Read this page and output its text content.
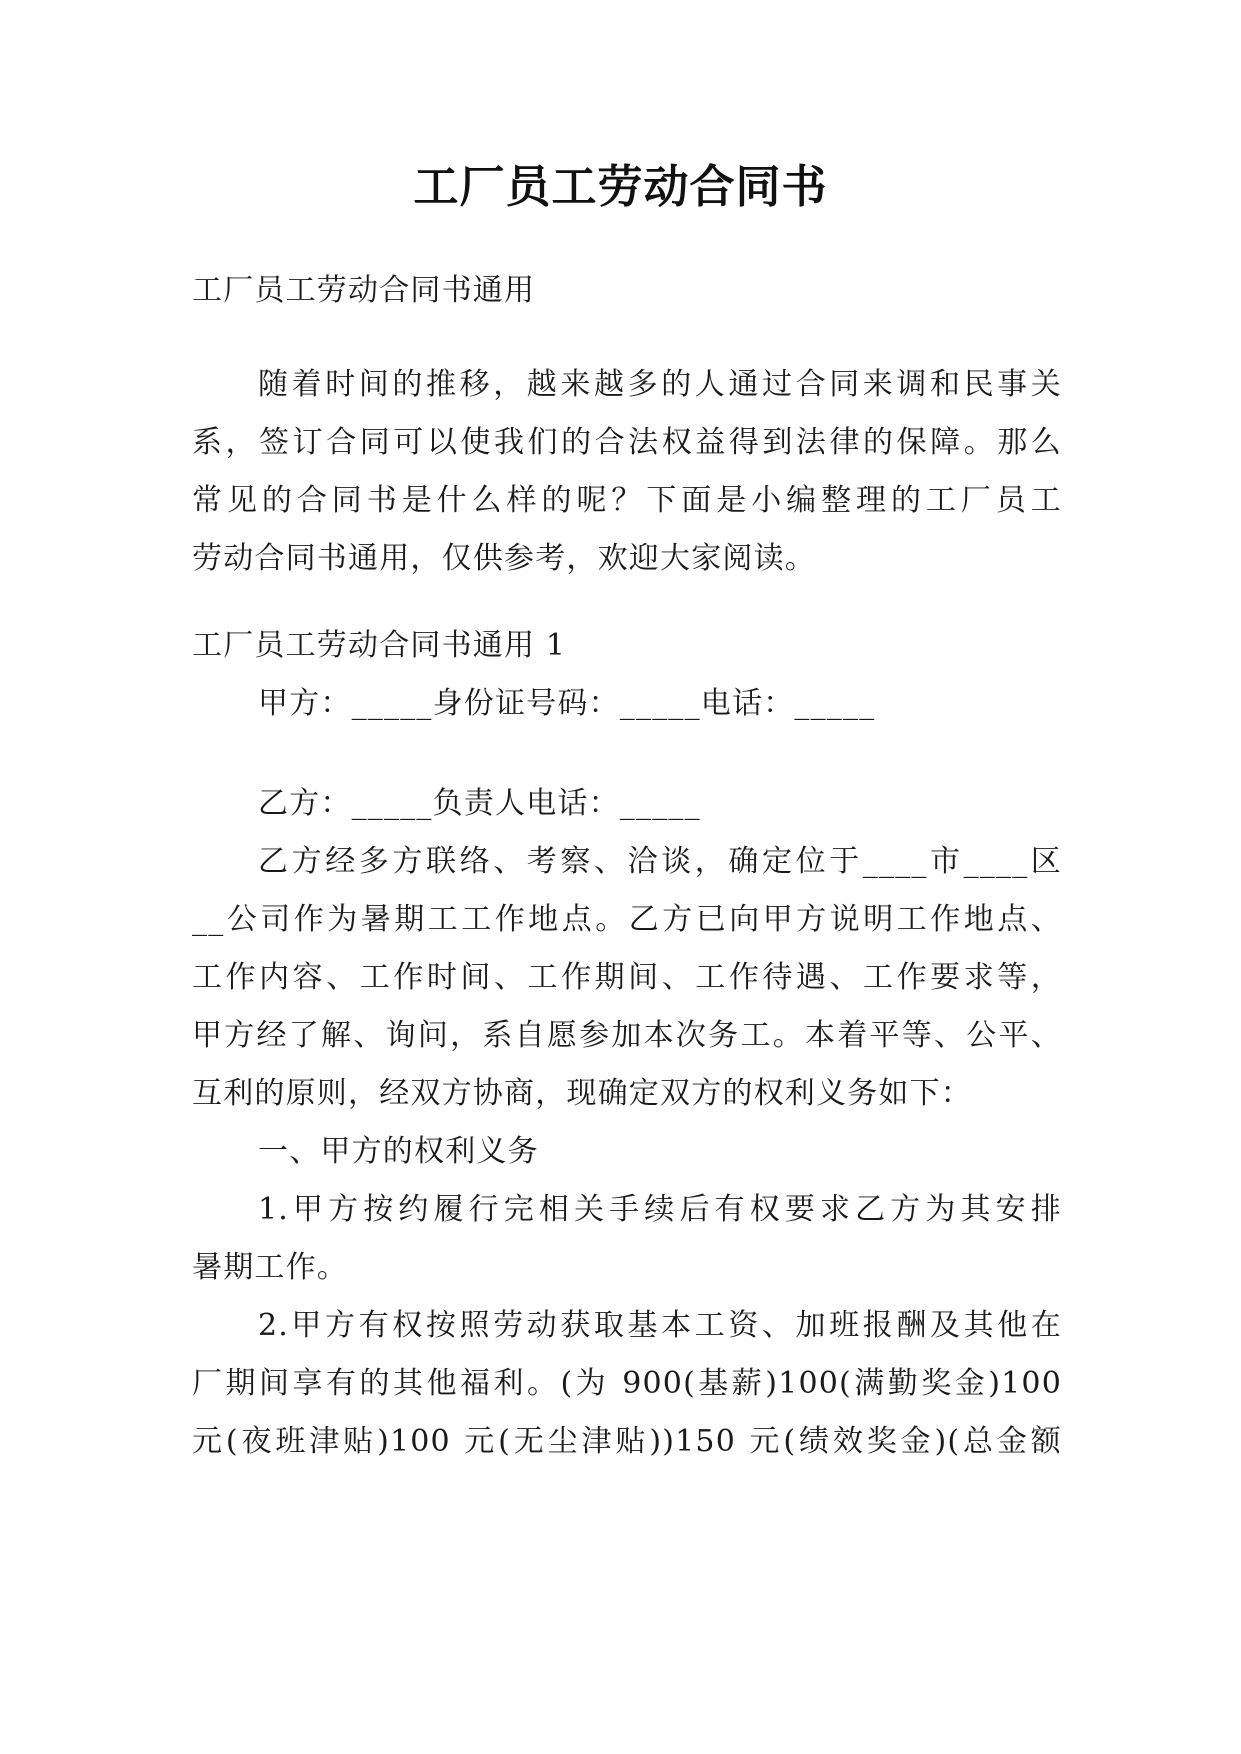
工厂员工劳动合同书
工厂员工劳动合同书通用
随着时间的推移，越来越多的人通过合同来调和民事关
系，签订合同可以使我们的合法权益得到法律的保障。那么
常见的合同书是什么样的呢？下面是小编整理的工厂员工
劳动合同书通用，仅供参考，欢迎大家阅读。
工厂员工劳动合同书通用 1
甲方：_____身份证号码：_____电话：_____
乙方：_____负责人电话：_____
乙方经多方联络、考察、洽谈，确定位于____市____区
__公司作为暑期工工作地点。乙方已向甲方说明工作地点、
工作内容、工作时间、工作期间、工作待遇、工作要求等，
甲方经了解、询问，系自愿参加本次务工。本着平等、公平、
互利的原则，经双方协商，现确定双方的权利义务如下：
一、甲方的权利义务
1.甲方按约履行完相关手续后有权要求乙方为其安排
暑期工作。
2.甲方有权按照劳动获取基本工资、加班报酬及其他在
厂期间享有的其他福利。(为 900(基薪)100(满勤奖金)100
元(夜班津贴)100 元(无尘津贴))150 元(绩效奖金)(总金额
